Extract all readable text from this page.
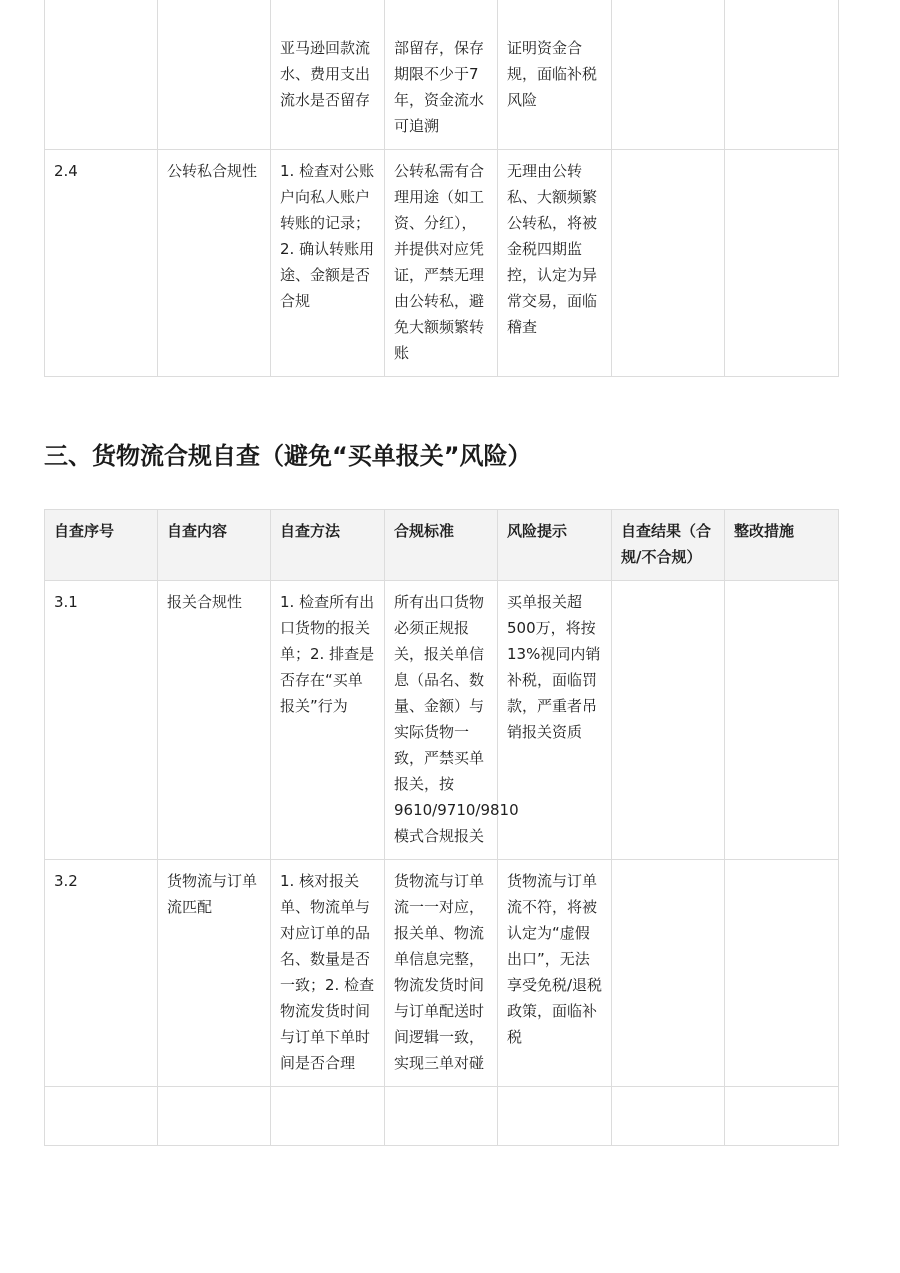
		亚马逊回款流水、费用支出流水是否留存	部留存，保存期限不少于7年，资金流水可追溯	证明资金合规，面临补税风险		

2.4	公转私合规性	1. 检查对公账户向私人账户转账的记录；2. 确认转账用途、金额是否合规	公转私需有合理用途（如工资、分红），并提供对应凭证，严禁无理由公转私，避免大额频繁转账	无理由公转私、大额频繁公转私，将被金税四期监控，认定为异常交易，面临稽查		

三、货物流合规自查（避免“买单报关”风险）
自查序号	自查内容	自查方法	合规标准	风险提示	自查结果（合规/不合规）	整改措施

3.1	报关合规性	1. 检查所有出口货物的报关单；2. 排查是否存在“买单报关”行为	所有出口货物必须正规报关，报关单信息（品名、数量、金额）与实际货物一致，严禁买单报关，按9610/9710/9810模式合规报关	买单报关超500万，将按13%视同内销补税，面临罚款，严重者吊销报关资质		

3.2	货物流与订单流匹配	1. 核对报关单、物流单与对应订单的品名、数量是否一致；2. 检查物流发货时间与订单下单时间是否合理	货物流与订单流一一对应，报关单、物流单信息完整，物流发货时间与订单配送时间逻辑一致，实现三单对碰	货物流与订单流不符，将被认定为“虚假出口”，无法享受免税/退税政策，面临补税		
